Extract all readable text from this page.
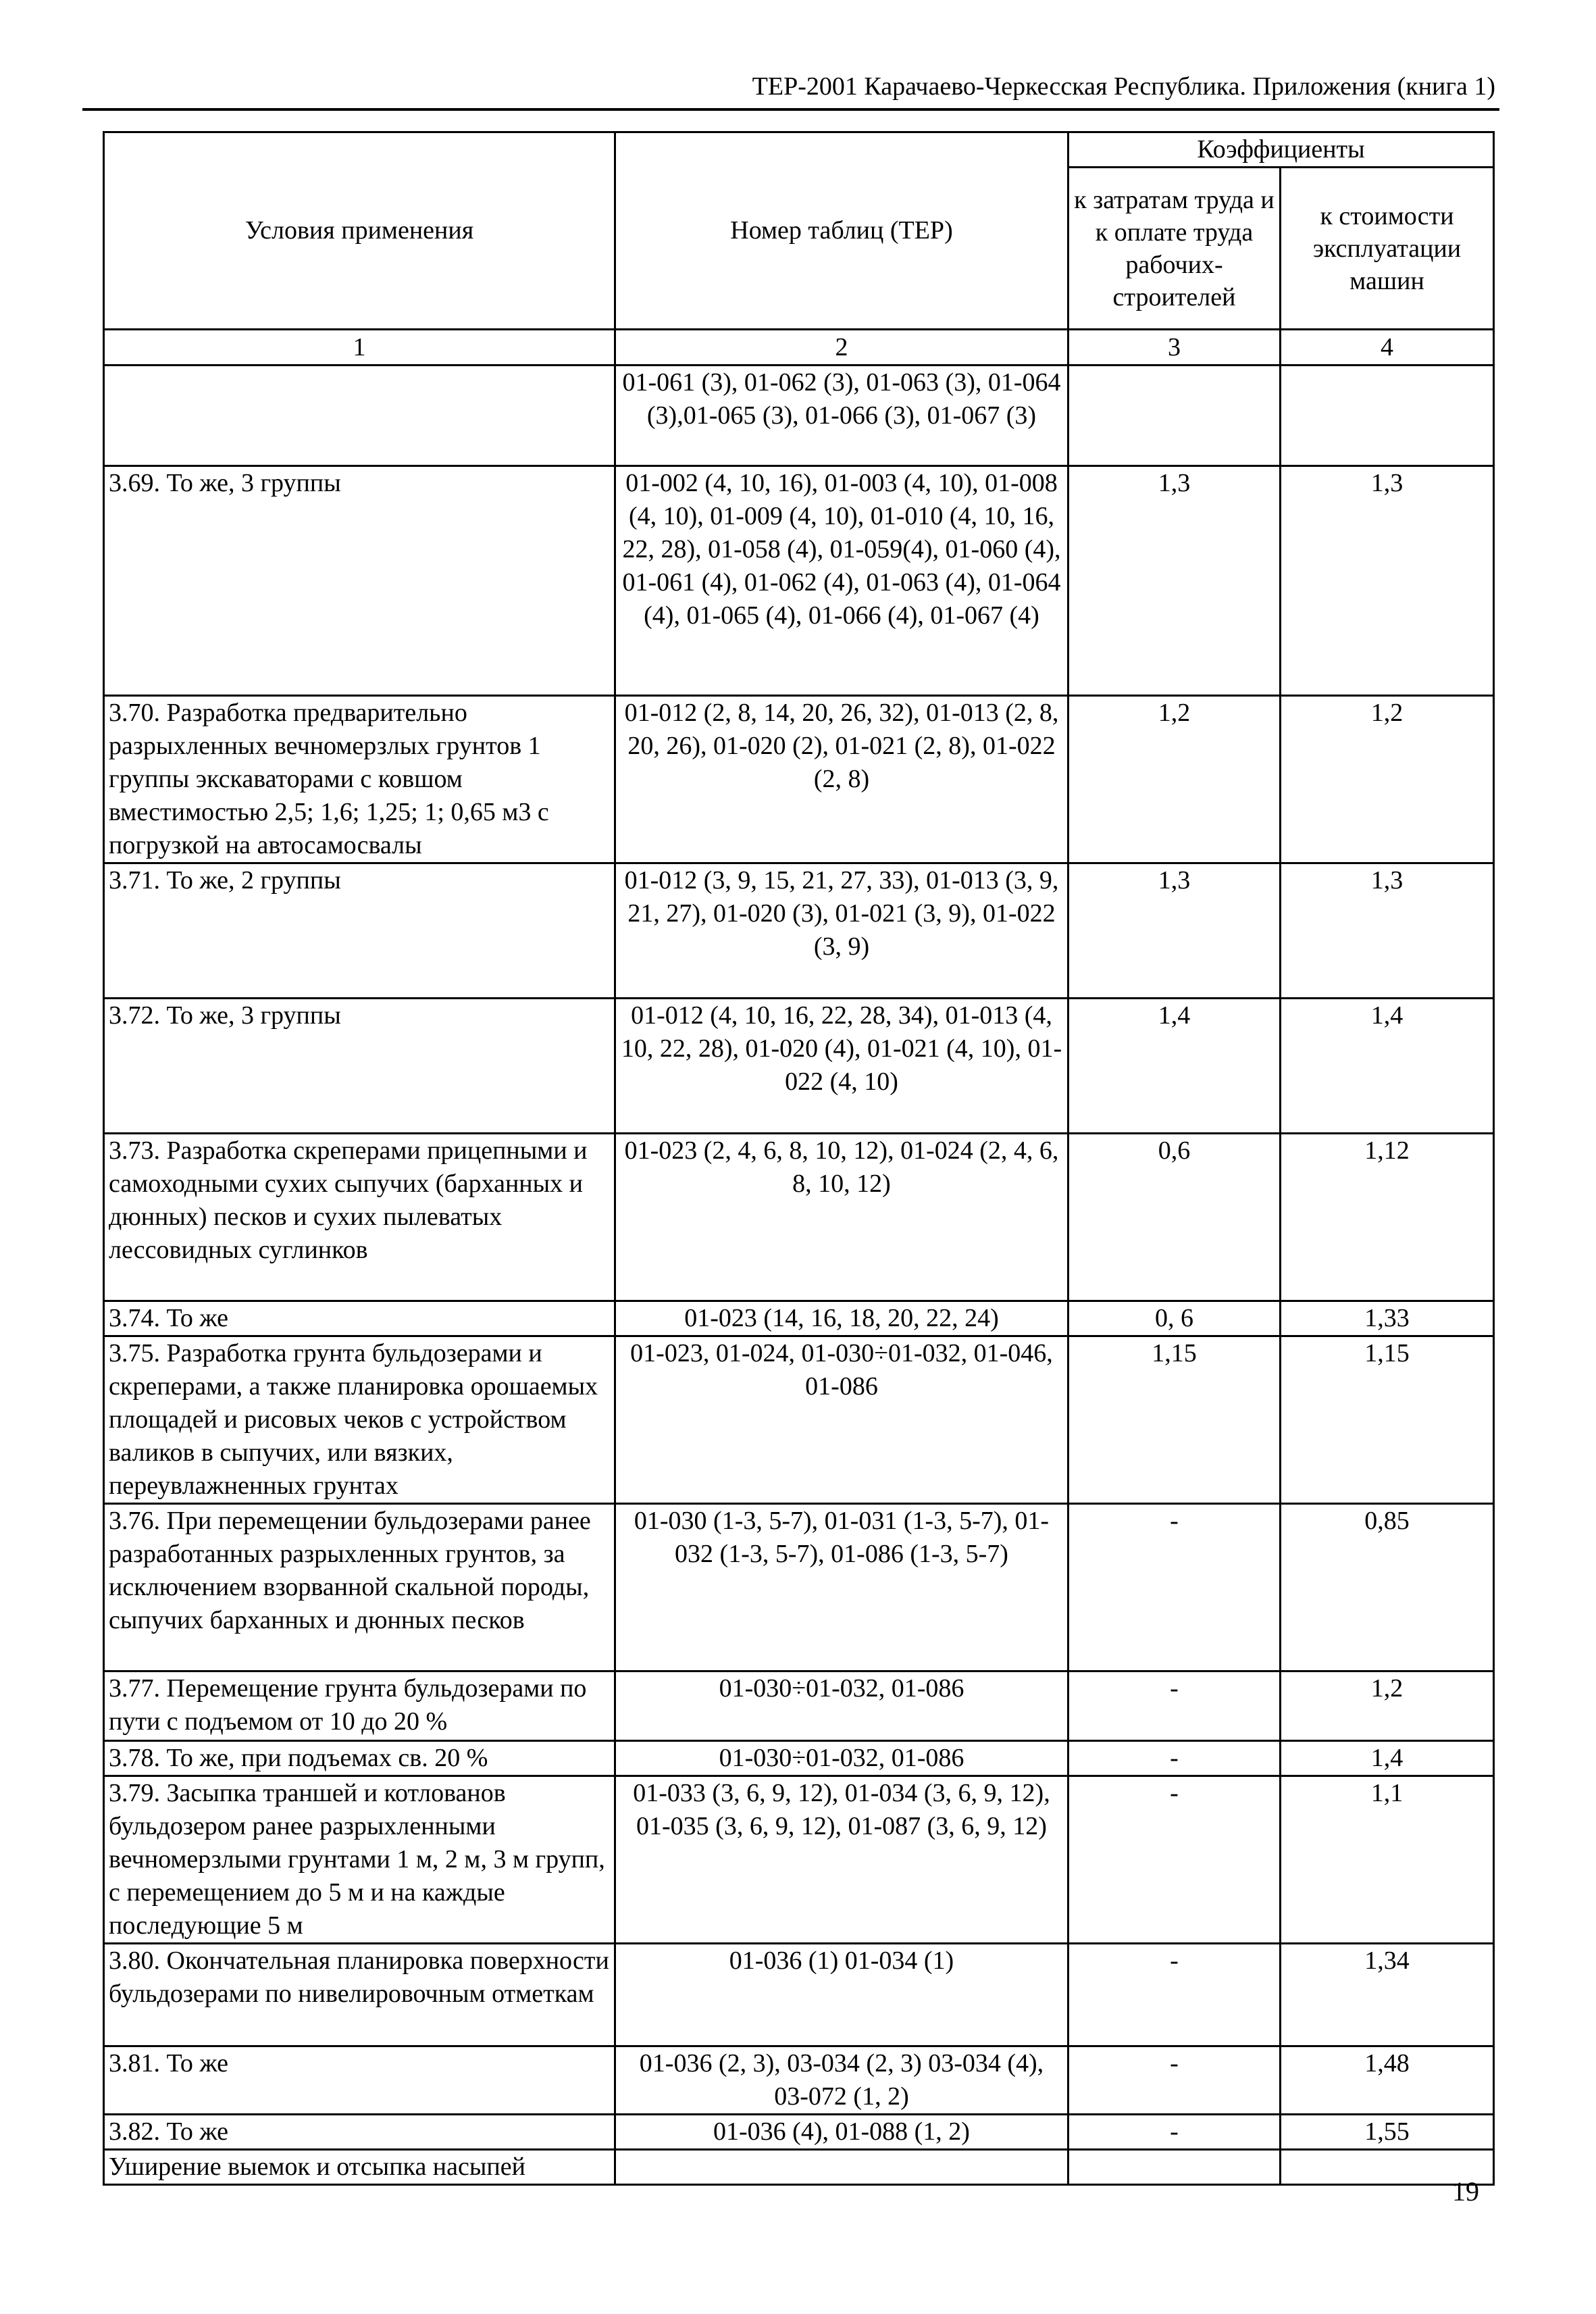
ТЕР-2001 Карачаево-Черкесская Республика. Приложения (книга 1)
Условия применения	Номер таблиц (ТЕР)	Коэффициенты	
		к затратам труда и к оплате труда рабочих-строителей	к стоимости эксплуатации машин
1	2	3	4
	01-061 (3), 01-062 (3), 01-063 (3), 01-064 (3),01-065 (3), 01-066 (3), 01-067 (3)		
3.69. То же, 3 группы	01-002 (4, 10, 16), 01-003 (4, 10), 01-008 (4, 10), 01-009 (4, 10), 01-010 (4, 10, 16, 22, 28), 01-058 (4), 01-059(4), 01-060 (4), 01-061 (4), 01-062 (4), 01-063 (4), 01-064 (4), 01-065 (4), 01-066 (4), 01-067 (4)	1,3	1,3
3.70. Разработка предварительно разрыхленных вечномерзлых грунтов 1 группы экскаваторами с ковшом вместимостью 2,5; 1,6; 1,25; 1; 0,65 м3 с погрузкой на автосамосвалы	01-012 (2, 8, 14, 20, 26, 32), 01-013 (2, 8, 20, 26), 01-020 (2), 01-021 (2, 8), 01-022 (2, 8)	1,2	1,2
3.71. То же, 2 группы	01-012 (3, 9, 15, 21, 27, 33), 01-013 (3, 9, 21, 27), 01-020 (3), 01-021 (3, 9), 01-022 (3, 9)	1,3	1,3
3.72. То же, 3 группы	01-012 (4, 10, 16, 22, 28, 34), 01-013 (4, 10, 22, 28), 01-020 (4), 01-021 (4, 10), 01-022 (4, 10)	1,4	1,4
3.73. Разработка скреперами прицепными и самоходными сухих сыпучих (барханных и дюнных) песков и сухих пылеватых лессовидных суглинков	01-023 (2, 4, 6, 8, 10, 12), 01-024 (2, 4, 6, 8, 10, 12)	0,6	1,12
3.74. То же	01-023 (14, 16, 18, 20, 22, 24)	0, 6	1,33
3.75. Разработка грунта бульдозерами и скреперами, а также планировка орошаемых площадей и рисовых чеков с устройством валиков в сыпучих, или вязких, переувлажненных грунтах	01-023, 01-024, 01-030÷01-032, 01-046, 01-086	1,15	1,15
3.76. При перемещении бульдозерами ранее разработанных разрыхленных грунтов, за исключением взорванной скальной породы, сыпучих барханных и дюнных песков	01-030 (1-3, 5-7), 01-031 (1-3, 5-7), 01-032 (1-3, 5-7), 01-086 (1-3, 5-7)	-	0,85
3.77. Перемещение грунта бульдозерами по пути с подъемом от 10 до 20 %	01-030÷01-032, 01-086	-	1,2
3.78. То же, при подъемах св. 20 %	01-030÷01-032, 01-086	-	1,4
3.79. Засыпка траншей и котлованов бульдозером ранее разрыхленными вечномерзлыми грунтами 1 м, 2 м, 3 м групп, с перемещением до 5 м и на каждые последующие 5 м	01-033 (3, 6, 9, 12), 01-034 (3, 6, 9, 12), 01-035 (3, 6, 9, 12), 01-087 (3, 6, 9, 12)	-	1,1
3.80. Окончательная планировка поверхности бульдозерами по нивелировочным отметкам	01-036 (1) 01-034 (1)	-	1,34
3.81. То же	01-036 (2, 3), 03-034 (2, 3) 03-034 (4), 03-072 (1, 2)	-	1,48
3.82. То же	01-036 (4), 01-088 (1, 2)	-	1,55
Уширение выемок и отсыпка насыпей			
19
